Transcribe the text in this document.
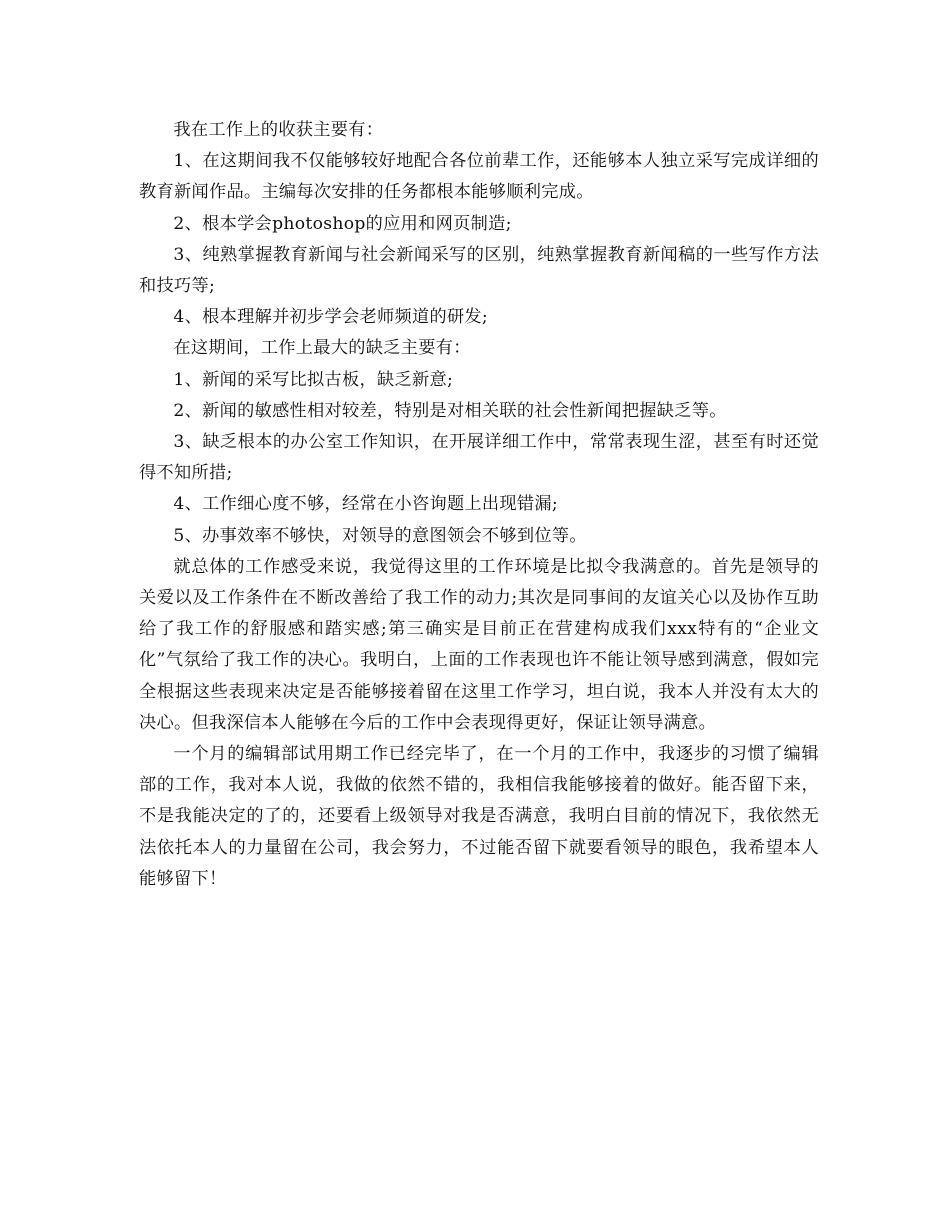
我在工作上的收获主要有：

1、在这期间我不仅能够较好地配合各位前辈工作，还能够本人独立采写完成详细的教育新闻作品。主编每次安排的任务都根本能够顺利完成。

2、根本学会photoshop的应用和网页制造;

3、纯熟掌握教育新闻与社会新闻采写的区别，纯熟掌握教育新闻稿的一些写作方法和技巧等;

4、根本理解并初步学会老师频道的研发;

在这期间，工作上最大的缺乏主要有：

1、新闻的采写比拟古板，缺乏新意;

2、新闻的敏感性相对较差，特别是对相关联的社会性新闻把握缺乏等。

3、缺乏根本的办公室工作知识，在开展详细工作中，常常表现生涩，甚至有时还觉得不知所措;

4、工作细心度不够，经常在小咨询题上出现错漏;

5、办事效率不够快，对领导的意图领会不够到位等。

就总体的工作感受来说，我觉得这里的工作环境是比拟令我满意的。首先是领导的关爱以及工作条件在不断改善给了我工作的动力;其次是同事间的友谊关心以及协作互助给了我工作的舒服感和踏实感;第三确实是目前正在营建构成我们xxx特有的“企业文化”气氛给了我工作的决心。我明白，上面的工作表现也许不能让领导感到满意，假如完全根据这些表现来决定是否能够接着留在这里工作学习，坦白说，我本人并没有太大的决心。但我深信本人能够在今后的工作中会表现得更好，保证让领导满意。

一个月的编辑部试用期工作已经完毕了，在一个月的工作中，我逐步的习惯了编辑部的工作，我对本人说，我做的依然不错的，我相信我能够接着的做好。能否留下来，不是我能决定的了的，还要看上级领导对我是否满意，我明白目前的情况下，我依然无法依托本人的力量留在公司，我会努力，不过能否留下就要看领导的眼色，我希望本人能够留下！
